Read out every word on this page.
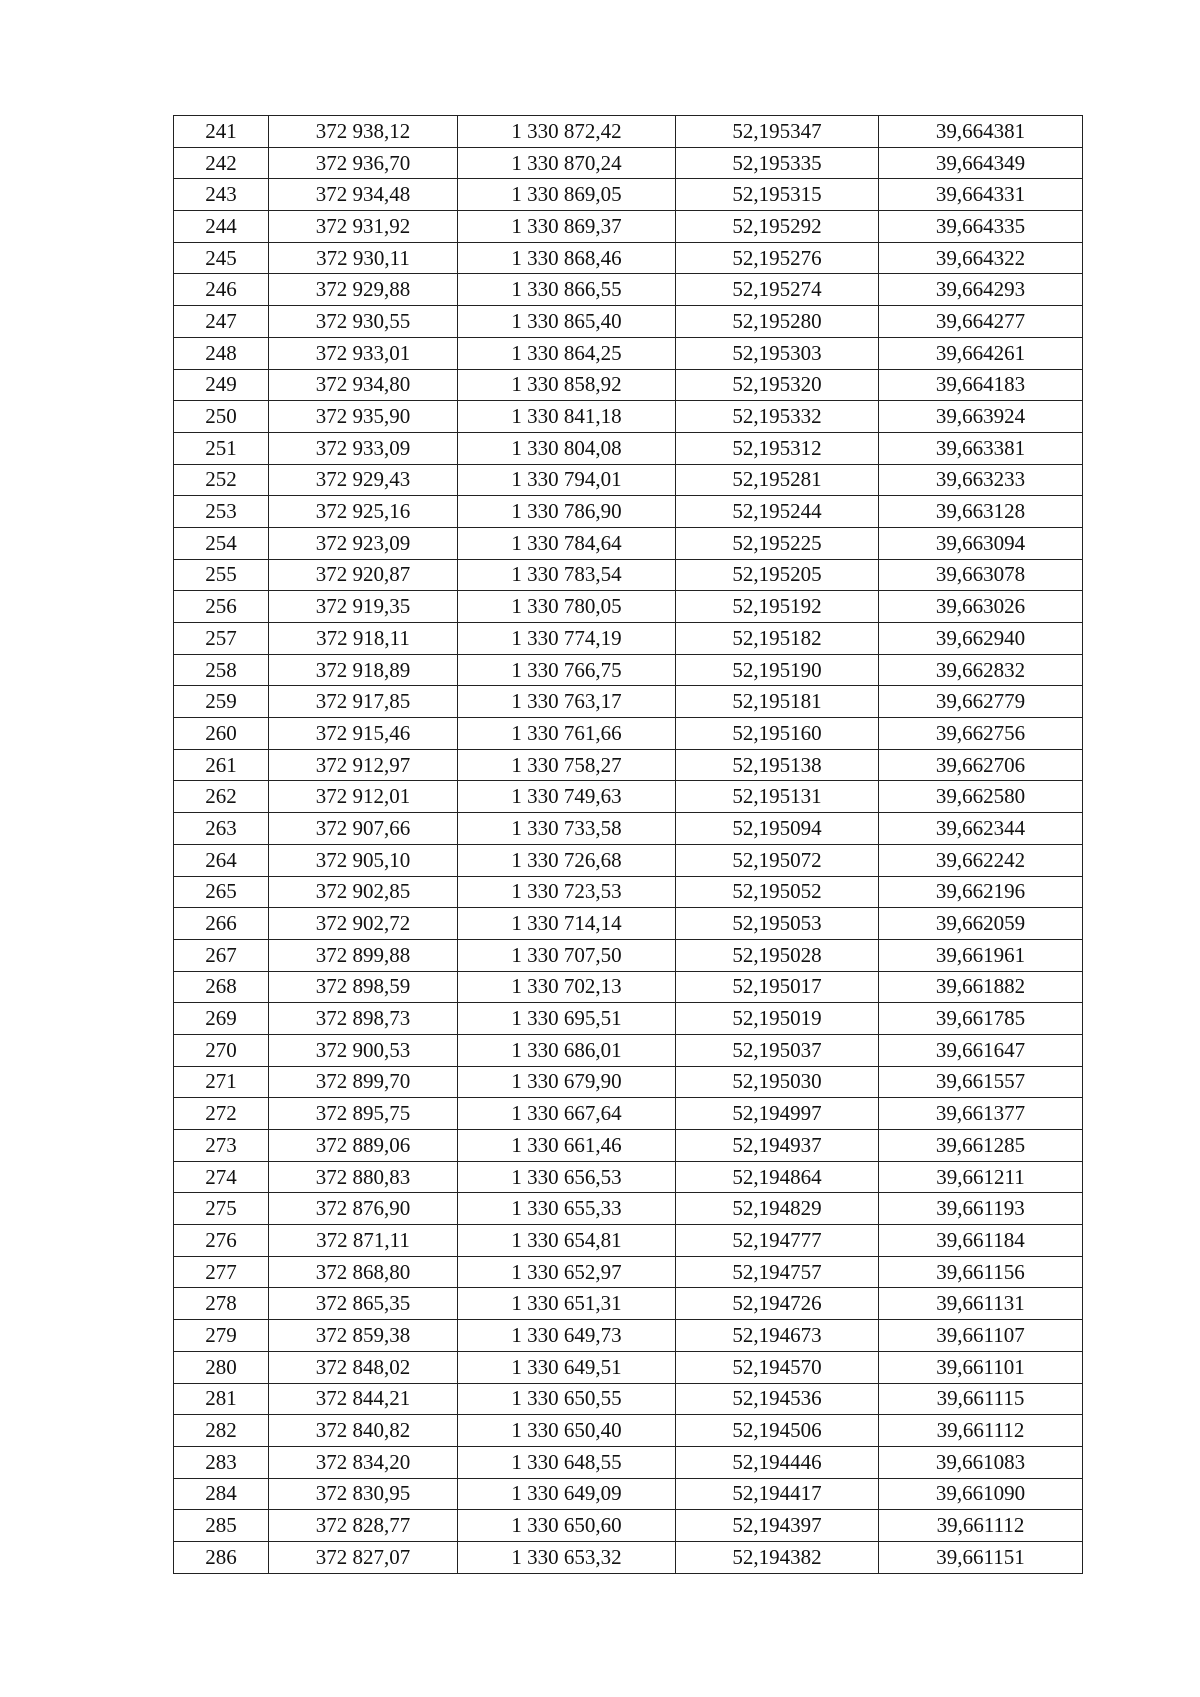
241	372 938,12	1 330 872,42	52,195347	39,664381
242	372 936,70	1 330 870,24	52,195335	39,664349
243	372 934,48	1 330 869,05	52,195315	39,664331
244	372 931,92	1 330 869,37	52,195292	39,664335
245	372 930,11	1 330 868,46	52,195276	39,664322
246	372 929,88	1 330 866,55	52,195274	39,664293
247	372 930,55	1 330 865,40	52,195280	39,664277
248	372 933,01	1 330 864,25	52,195303	39,664261
249	372 934,80	1 330 858,92	52,195320	39,664183
250	372 935,90	1 330 841,18	52,195332	39,663924
251	372 933,09	1 330 804,08	52,195312	39,663381
252	372 929,43	1 330 794,01	52,195281	39,663233
253	372 925,16	1 330 786,90	52,195244	39,663128
254	372 923,09	1 330 784,64	52,195225	39,663094
255	372 920,87	1 330 783,54	52,195205	39,663078
256	372 919,35	1 330 780,05	52,195192	39,663026
257	372 918,11	1 330 774,19	52,195182	39,662940
258	372 918,89	1 330 766,75	52,195190	39,662832
259	372 917,85	1 330 763,17	52,195181	39,662779
260	372 915,46	1 330 761,66	52,195160	39,662756
261	372 912,97	1 330 758,27	52,195138	39,662706
262	372 912,01	1 330 749,63	52,195131	39,662580
263	372 907,66	1 330 733,58	52,195094	39,662344
264	372 905,10	1 330 726,68	52,195072	39,662242
265	372 902,85	1 330 723,53	52,195052	39,662196
266	372 902,72	1 330 714,14	52,195053	39,662059
267	372 899,88	1 330 707,50	52,195028	39,661961
268	372 898,59	1 330 702,13	52,195017	39,661882
269	372 898,73	1 330 695,51	52,195019	39,661785
270	372 900,53	1 330 686,01	52,195037	39,661647
271	372 899,70	1 330 679,90	52,195030	39,661557
272	372 895,75	1 330 667,64	52,194997	39,661377
273	372 889,06	1 330 661,46	52,194937	39,661285
274	372 880,83	1 330 656,53	52,194864	39,661211
275	372 876,90	1 330 655,33	52,194829	39,661193
276	372 871,11	1 330 654,81	52,194777	39,661184
277	372 868,80	1 330 652,97	52,194757	39,661156
278	372 865,35	1 330 651,31	52,194726	39,661131
279	372 859,38	1 330 649,73	52,194673	39,661107
280	372 848,02	1 330 649,51	52,194570	39,661101
281	372 844,21	1 330 650,55	52,194536	39,661115
282	372 840,82	1 330 650,40	52,194506	39,661112
283	372 834,20	1 330 648,55	52,194446	39,661083
284	372 830,95	1 330 649,09	52,194417	39,661090
285	372 828,77	1 330 650,60	52,194397	39,661112
286	372 827,07	1 330 653,32	52,194382	39,661151
